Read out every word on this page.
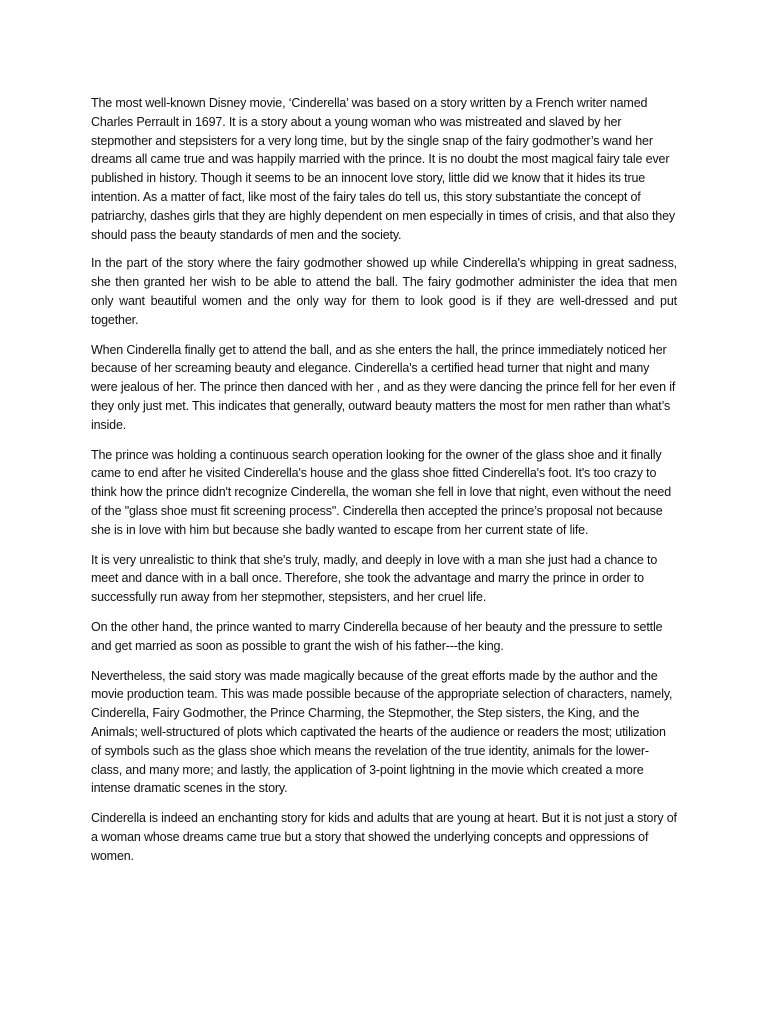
The most well-known Disney movie, ‘Cinderella’ was based on a story written by a French writer named Charles Perrault in 1697. It is a story about a young woman who was mistreated and slaved by her stepmother and stepsisters for a very long time, but by the single snap of the fairy godmother’s wand her dreams all came true and was happily married with the prince. It is no doubt the most magical fairy tale ever published in history. Though it seems to be an innocent love story, little did we know that it hides its true intention. As a matter of fact, like most of the fairy tales do tell us, this story substantiate the concept of patriarchy, dashes girls that they are highly dependent on men especially in times of crisis, and that also they should pass the beauty standards of men and the society.

In the part of the story where the fairy godmother showed up while Cinderella's whipping in great sadness, she then granted her wish to be able to attend the ball. The fairy godmother administer the idea that men only want beautiful women and the only way for them to look good is if they are well-dressed and put together.

When Cinderella finally get to attend the ball, and as she enters the hall, the prince immediately noticed her because of her screaming beauty and elegance. Cinderella's a certified head turner that night and many were jealous of her. The prince then danced with her , and as they were dancing the prince fell for her even if they only just met. This indicates that generally, outward beauty matters the most for men rather than what’s inside.

The prince was holding a continuous search operation looking for the owner of the glass shoe and it finally came to end after he visited Cinderella's house and the glass shoe fitted Cinderella's foot. It's too crazy to think how the prince didn't recognize Cinderella, the woman she fell in love that night, even without the need of the "glass shoe must fit screening process". Cinderella then accepted the prince’s proposal not because she is in love with him but because she badly wanted to escape from her current state of life.

It is very unrealistic to think that she's truly, madly, and deeply in love with a man she just had a chance to meet and dance with in a ball once. Therefore, she took the advantage and marry the prince in order to successfully run away from her stepmother, stepsisters, and her cruel life.

On the other hand, the prince wanted to marry Cinderella because of her beauty and the pressure to settle and get married as soon as possible to grant the wish of his father---the king.

Nevertheless, the said story was made magically because of the great efforts made by the author and the movie production team. This was made possible because of the appropriate selection of characters, namely, Cinderella, Fairy Godmother, the Prince Charming, the Stepmother, the Step sisters, the King, and the Animals; well-structured of plots which captivated the hearts of the audience or readers the most; utilization of symbols such as the glass shoe which means the revelation of the true identity, animals for the lower-class, and many more; and lastly, the application of 3-point lightning in the movie which created a more intense dramatic scenes in the story.

Cinderella is indeed an enchanting story for kids and adults that are young at heart. But it is not just a story of a woman whose dreams came true but a story that showed the underlying concepts and oppressions of women.
